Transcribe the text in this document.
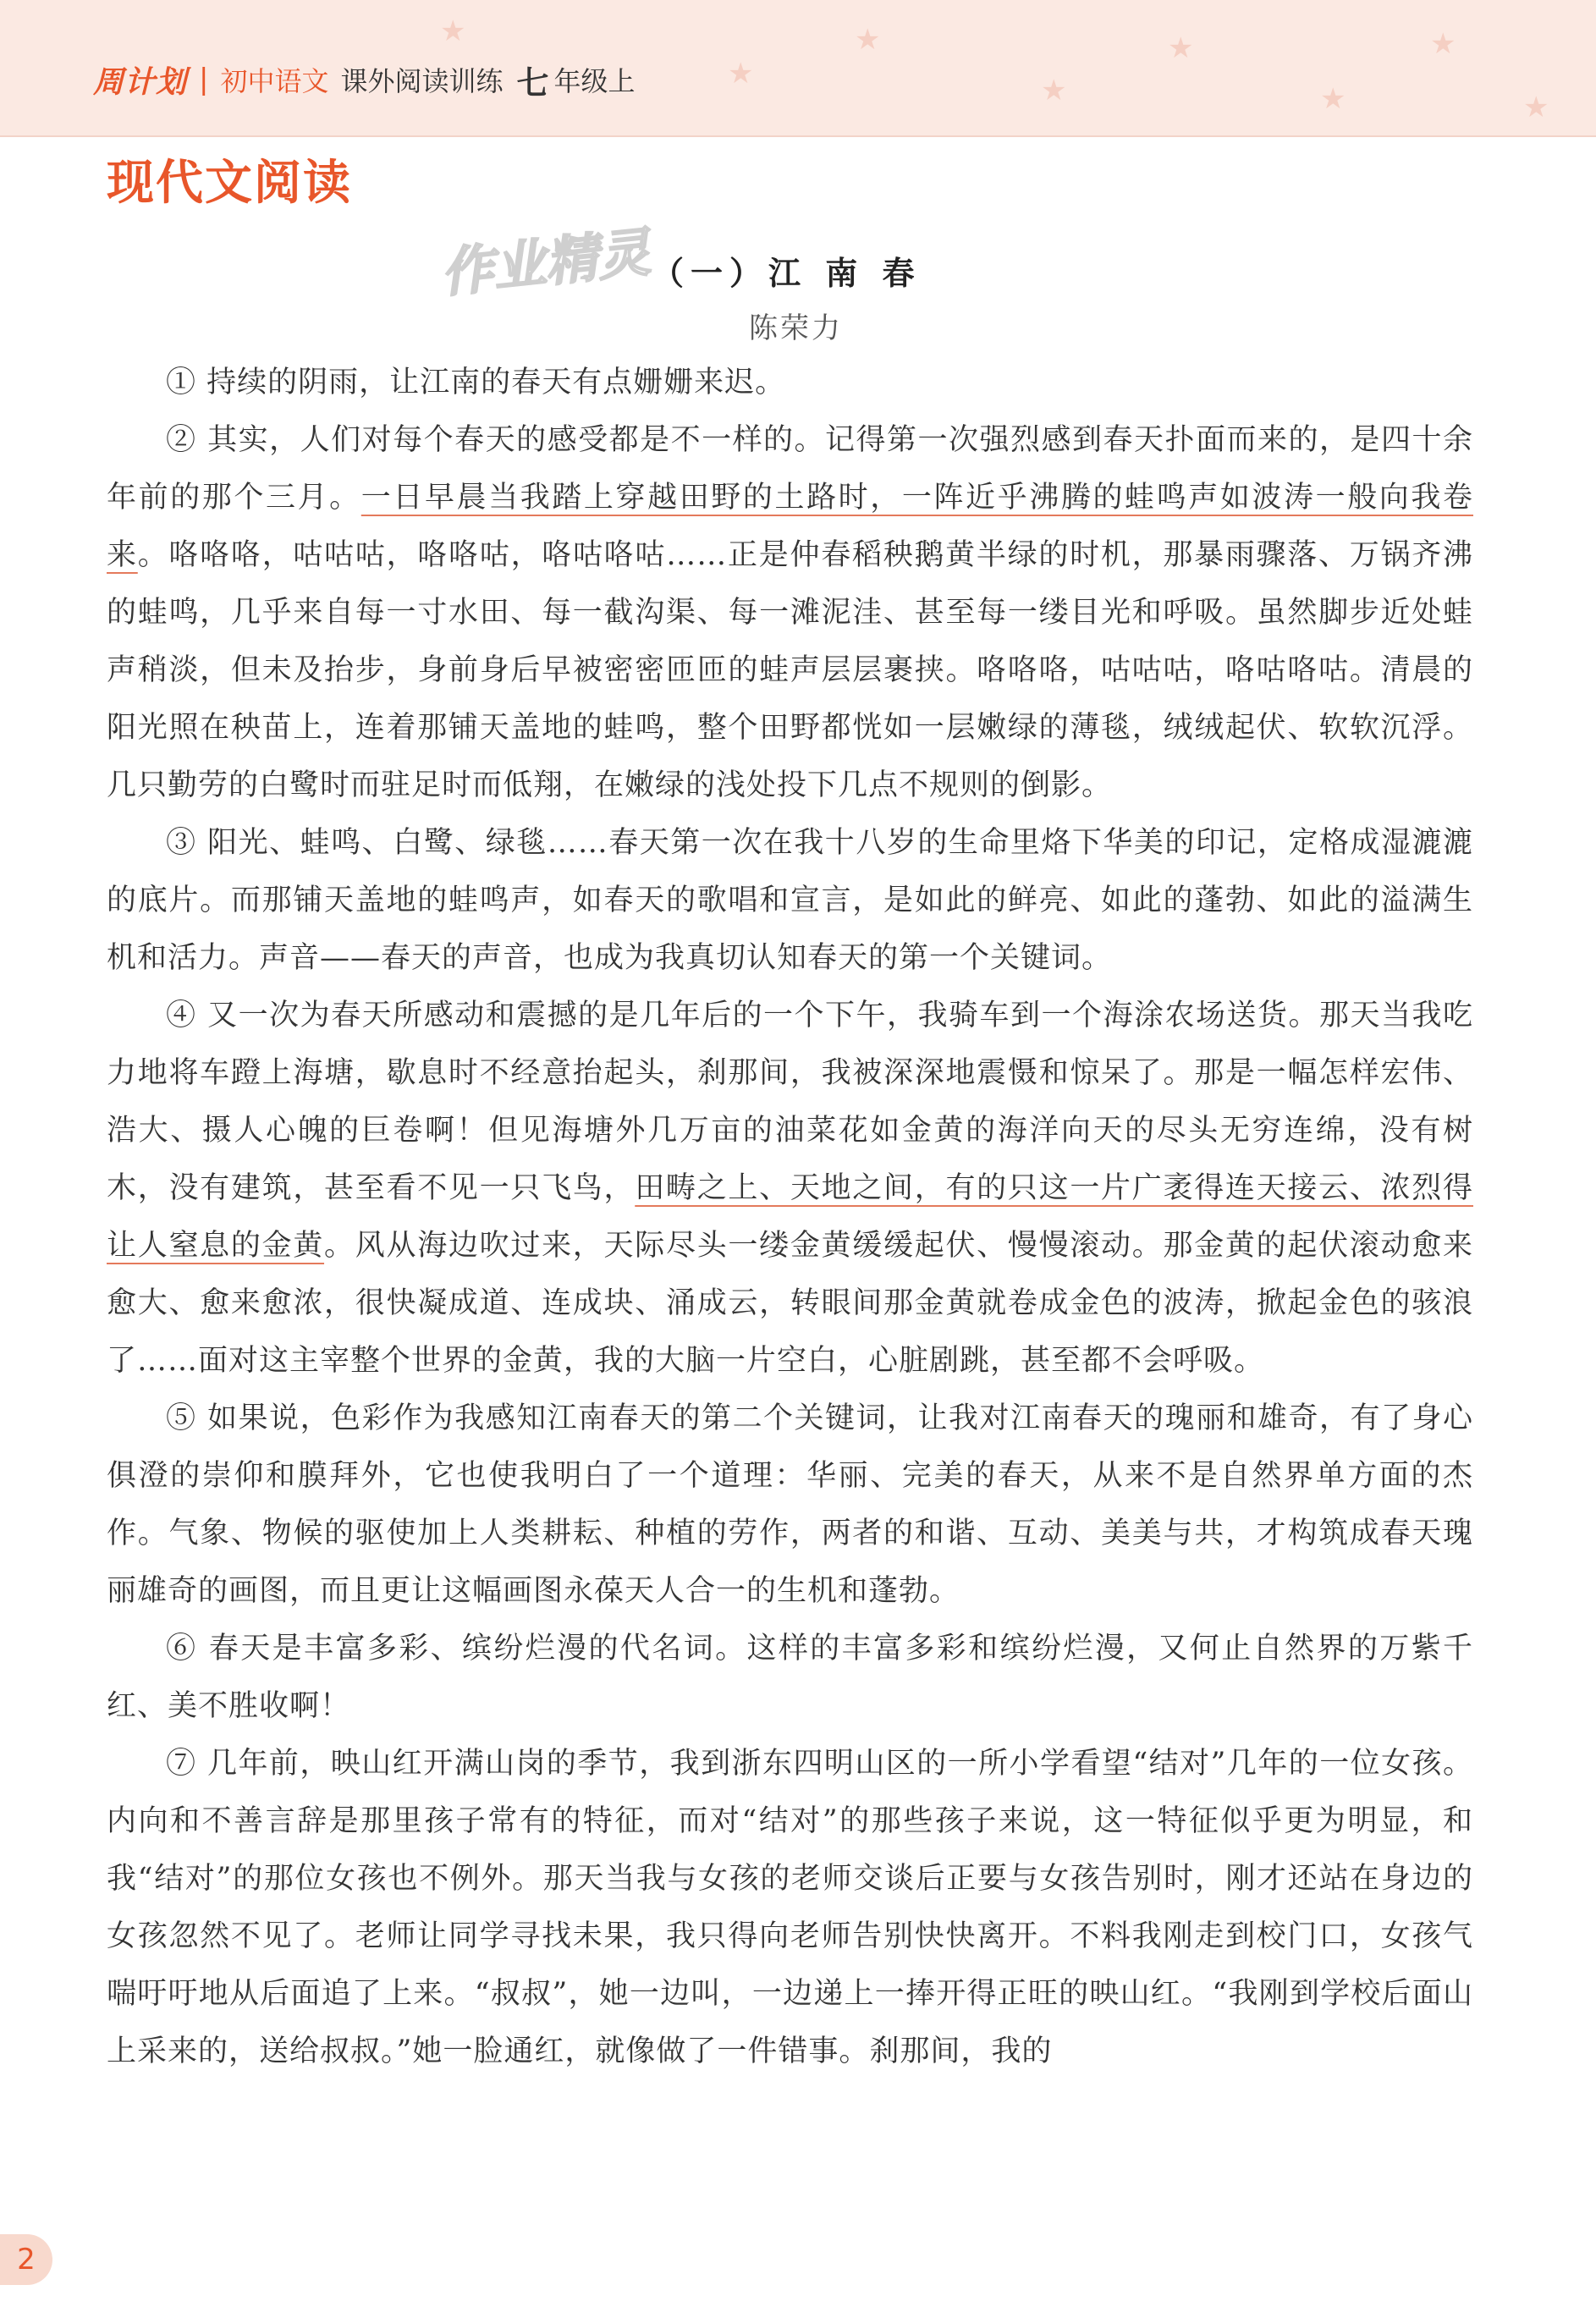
★
★
★
★
★
★
★
★
周计划 | 初中语文 课外阅读训练 七 年级上
现代文阅读
作业精灵
（一）江 南 春
陈荣力

① 持续的阴雨，让江南的春天有点姗姗来迟。

② 其实，人们对每个春天的感受都是不一样的。记得第一次强烈感到春天扑面而来的，是四十余年前的那个三月。一日早晨当我踏上穿越田野的土路时，一阵近乎沸腾的蛙鸣声如波涛一般向我卷来。咯咯咯，咕咕咕，咯咯咕，咯咕咯咕……正是仲春稻秧鹅黄半绿的时机，那暴雨骤落、万锅齐沸的蛙鸣，几乎来自每一寸水田、每一截沟渠、每一滩泥洼、甚至每一缕目光和呼吸。虽然脚步近处蛙声稍淡，但未及抬步，身前身后早被密密匝匝的蛙声层层裹挟。咯咯咯，咕咕咕，咯咕咯咕。清晨的阳光照在秧苗上，连着那铺天盖地的蛙鸣，整个田野都恍如一层嫩绿的薄毯，绒绒起伏、软软沉浮。几只勤劳的白鹭时而驻足时而低翔，在嫩绿的浅处投下几点不规则的倒影。

③ 阳光、蛙鸣、白鹭、绿毯……春天第一次在我十八岁的生命里烙下华美的印记，定格成湿漉漉的底片。而那铺天盖地的蛙鸣声，如春天的歌唱和宣言，是如此的鲜亮、如此的蓬勃、如此的溢满生机和活力。声音——春天的声音，也成为我真切认知春天的第一个关键词。

④ 又一次为春天所感动和震撼的是几年后的一个下午，我骑车到一个海涂农场送货。那天当我吃力地将车蹬上海塘，歇息时不经意抬起头，刹那间，我被深深地震慑和惊呆了。那是一幅怎样宏伟、浩大、摄人心魄的巨卷啊！但见海塘外几万亩的油菜花如金黄的海洋向天的尽头无穷连绵，没有树木，没有建筑，甚至看不见一只飞鸟，田畴之上、天地之间，有的只这一片广袤得连天接云、浓烈得让人窒息的金黄。风从海边吹过来，天际尽头一缕金黄缓缓起伏、慢慢滚动。那金黄的起伏滚动愈来愈大、愈来愈浓，很快凝成道、连成块、涌成云，转眼间那金黄就卷成金色的波涛，掀起金色的骇浪了……面对这主宰整个世界的金黄，我的大脑一片空白，心脏剧跳，甚至都不会呼吸。

⑤ 如果说，色彩作为我感知江南春天的第二个关键词，让我对江南春天的瑰丽和雄奇，有了身心俱澄的崇仰和膜拜外，它也使我明白了一个道理：华丽、完美的春天，从来不是自然界单方面的杰作。气象、物候的驱使加上人类耕耘、种植的劳作，两者的和谐、互动、美美与共，才构筑成春天瑰丽雄奇的画图，而且更让这幅画图永葆天人合一的生机和蓬勃。

⑥ 春天是丰富多彩、缤纷烂漫的代名词。这样的丰富多彩和缤纷烂漫，又何止自然界的万紫千红、美不胜收啊！

⑦ 几年前，映山红开满山岗的季节，我到浙东四明山区的一所小学看望“结对”几年的一位女孩。内向和不善言辞是那里孩子常有的特征，而对“结对”的那些孩子来说，这一特征似乎更为明显，和我“结对”的那位女孩也不例外。那天当我与女孩的老师交谈后正要与女孩告别时，刚才还站在身边的女孩忽然不见了。老师让同学寻找未果，我只得向老师告别快快离开。不料我刚走到校门口，女孩气喘吁吁地从后面追了上来。“叔叔”，她一边叫，一边递上一捧开得正旺的映山红。“我刚到学校后面山上采来的，送给叔叔。”她一脸通红，就像做了一件错事。刹那间，我的

2
